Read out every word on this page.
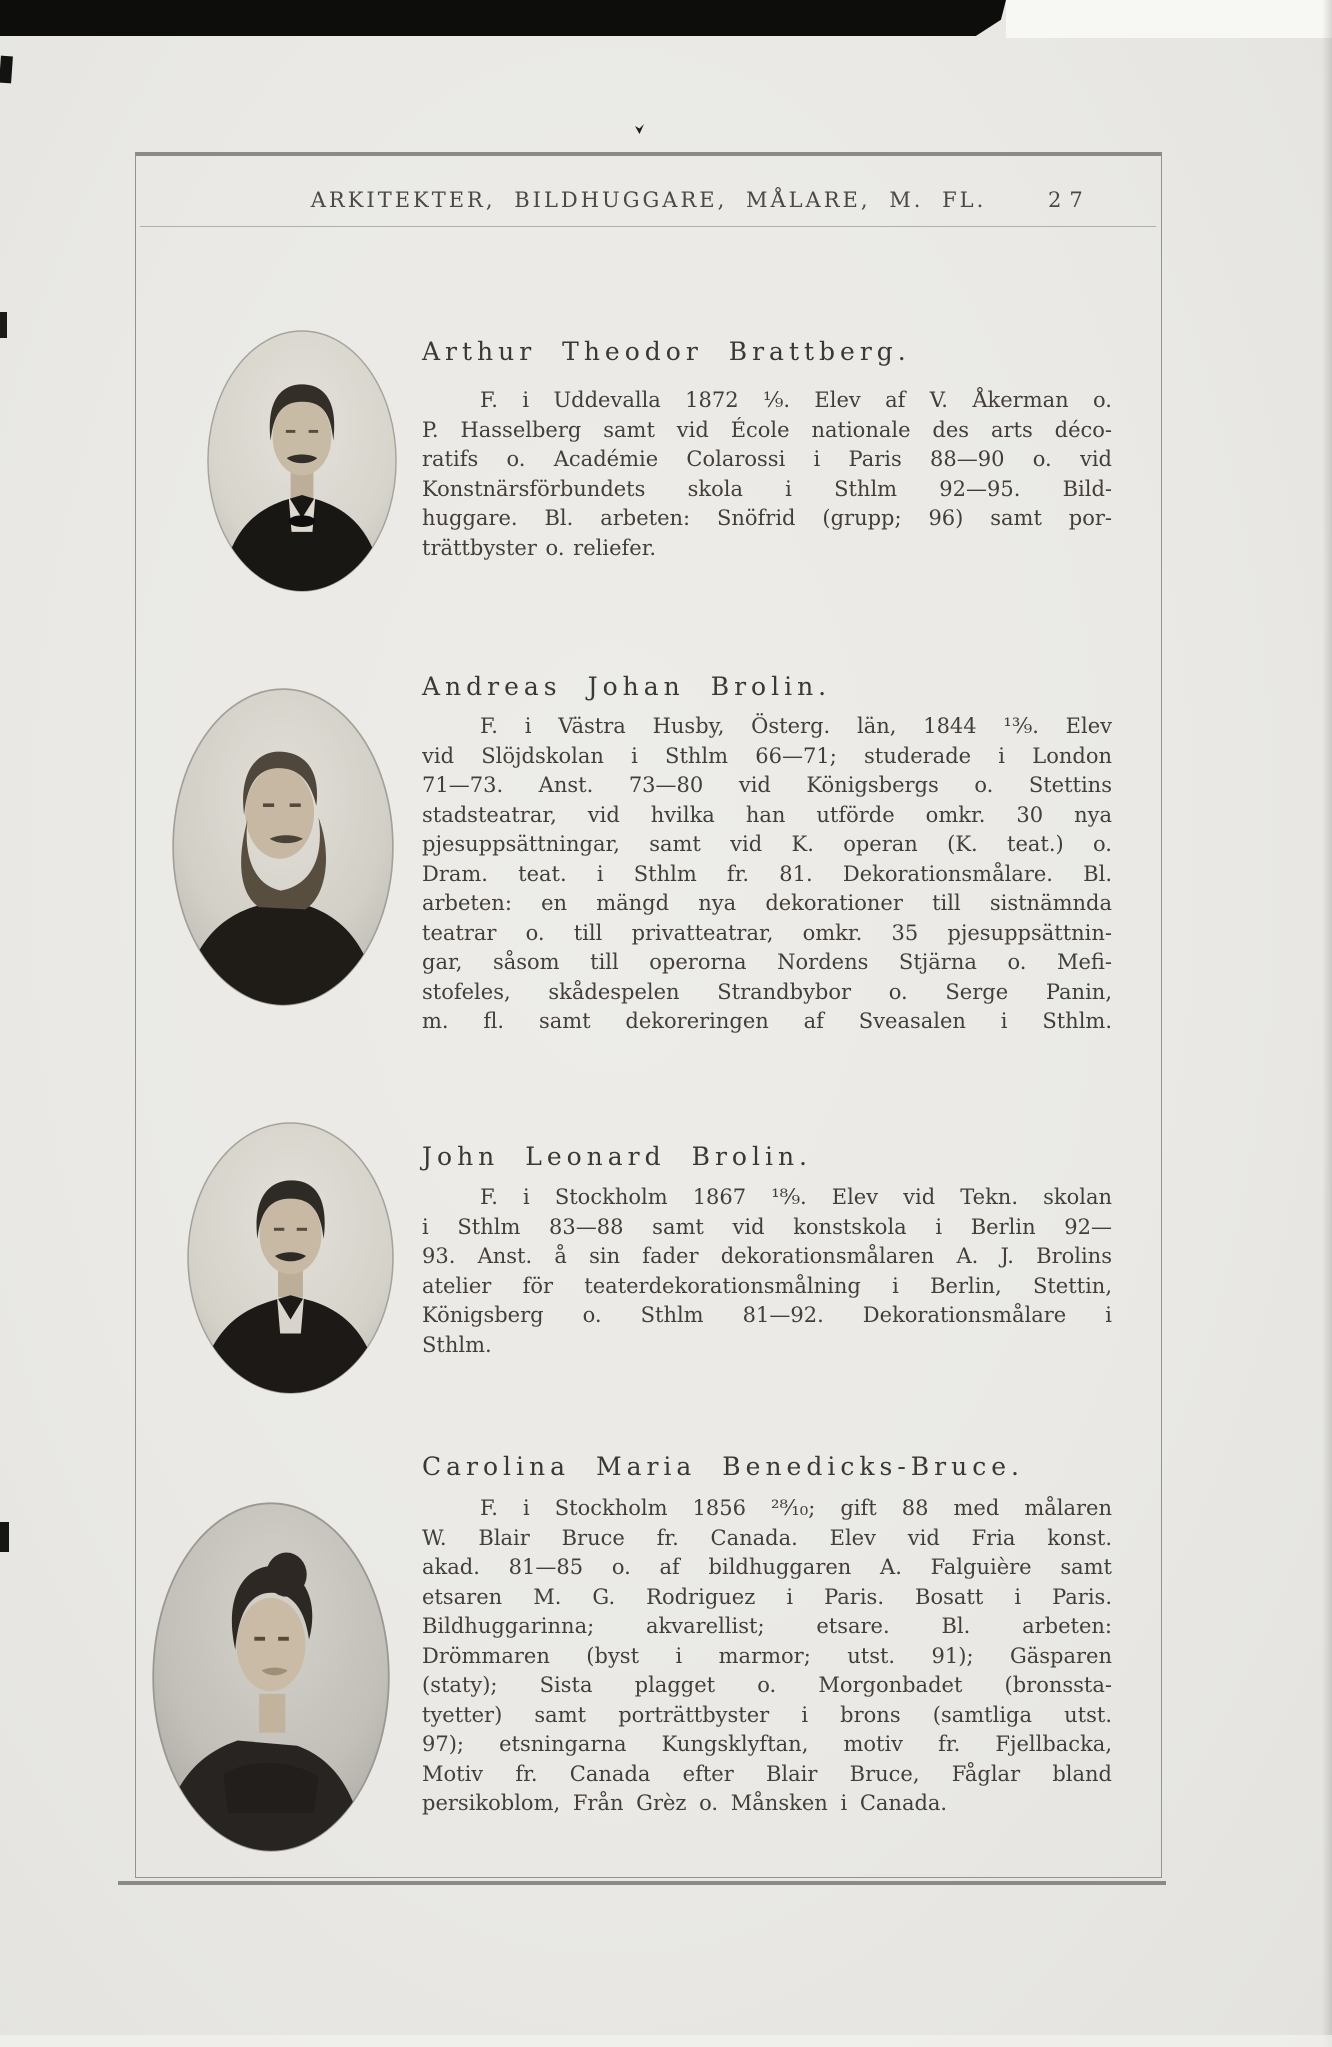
ARKITEKTER, BILDHUGGARE, MÅLARE, M. FL.	27
Arthur Theodor Brattberg.
F. i Uddevalla 1872 ¹⁄₉. Elev af V. Åkerman o.
P. Hasselberg samt vid École nationale des arts déco-
ratifs o. Académie Colarossi i Paris 88—90 o. vid
Konstnärsförbundets skola i Sthlm 92—95. Bild-
huggare. Bl. arbeten: Snöfrid (grupp; 96) samt por-
trättbyster o. reliefer.
Andreas Johan Brolin.
F. i Västra Husby, Österg. län, 1844 ¹³⁄₉. Elev
vid Slöjdskolan i Sthlm 66—71; studerade i London
71—73. Anst. 73—80 vid Königsbergs o. Stettins
stadsteatrar, vid hvilka han utförde omkr. 30 nya
pjesuppsättningar, samt vid K. operan (K. teat.) o.
Dram. teat. i Sthlm fr. 81. Dekorationsmålare. Bl.
arbeten: en mängd nya dekorationer till sistnämnda
teatrar o. till privatteatrar, omkr. 35 pjesuppsättnin-
gar, såsom till operorna Nordens Stjärna o. Mefi-
stofeles, skådespelen Strandbybor o. Serge Panin,
m. fl. samt dekoreringen af Sveasalen i Sthlm.
John Leonard Brolin.
F. i Stockholm 1867 ¹⁸⁄₉. Elev vid Tekn. skolan
i Sthlm 83—88 samt vid konstskola i Berlin 92—
93. Anst. å sin fader dekorationsmålaren A. J. Brolins
atelier för teaterdekorationsmålning i Berlin, Stettin,
Königsberg o. Sthlm 81—92. Dekorationsmålare i
Sthlm.
Carolina Maria Benedicks-Bruce.
F. i Stockholm 1856 ²⁸⁄₁₀; gift 88 med målaren
W. Blair Bruce fr. Canada. Elev vid Fria konst.
akad. 81—85 o. af bildhuggaren A. Falguière samt
etsaren M. G. Rodriguez i Paris. Bosatt i Paris.
Bildhuggarinna; akvarellist; etsare. Bl. arbeten:
Drömmaren (byst i marmor; utst. 91); Gäsparen
(staty); Sista plagget o. Morgonbadet (bronssta-
tyetter) samt porträttbyster i brons (samtliga utst.
97); etsningarna Kungsklyftan, motiv fr. Fjellbacka,
Motiv fr. Canada efter Blair Bruce, Fåglar bland
persikoblom, Från Grèz o. Månsken i Canada.
